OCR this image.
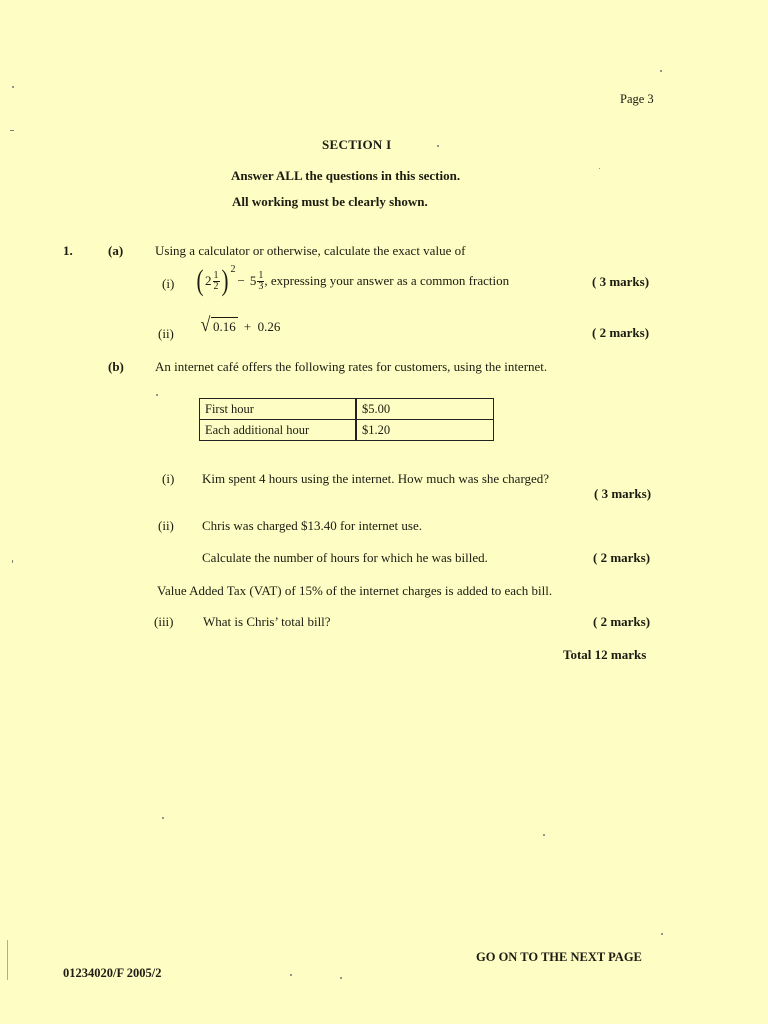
Page 3
SECTION I
Answer ALL the questions in this section.
All working must be clearly shown.
1.	(a) Using a calculator or otherwise, calculate the exact value of
(i) ( $2 \frac{1}{2}$ ) 2
− $5 \frac{1}{3}$ , expressing your answer as a common fraction	( 3 marks)
(ii) √ 0.16 +  0.26	( 2 marks)
(b) An internet café offers the following rates for customers, using the internet.
First hour	$5.00
Each additional hour	$1.20
(i) Kim spent 4 hours using the internet. How much was she charged?
( 3 marks)
(ii) Chris was charged $13.40 for internet use.
Calculate the number of hours for which he was billed.	( 2 marks)
Value Added Tax (VAT) of 15% of the internet charges is added to each bill.
(iii) What is Chris’ total bill?	( 2 marks)
Total 12 marks
GO ON TO THE NEXT PAGE
01234020/F 2005/2
